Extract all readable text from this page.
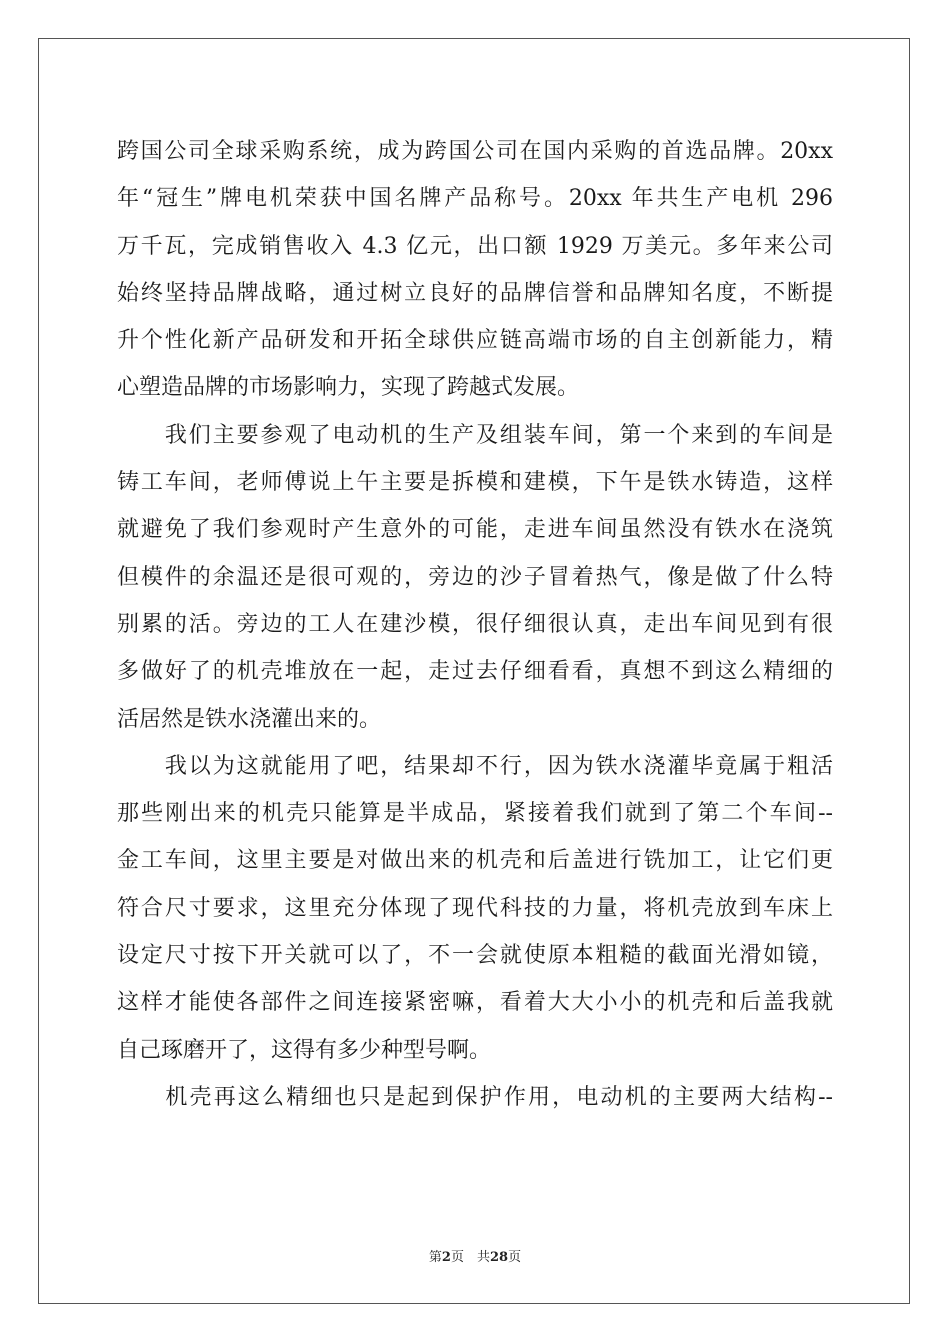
跨国公司全球采购系统，成为跨国公司在国内采购的首选品牌。20xx
年“冠生”牌电机荣获中国名牌产品称号。20xx 年共生产电机 296
万千瓦，完成销售收入 4.3 亿元，出口额 1929 万美元。多年来公司
始终坚持品牌战略，通过树立良好的品牌信誉和品牌知名度，不断提
升个性化新产品研发和开拓全球供应链高端市场的自主创新能力，精
心塑造品牌的市场影响力，实现了跨越式发展。
　　我们主要参观了电动机的生产及组装车间，第一个来到的车间是
铸工车间，老师傅说上午主要是拆模和建模，下午是铁水铸造，这样
就避免了我们参观时产生意外的可能，走进车间虽然没有铁水在浇筑
但模件的余温还是很可观的，旁边的沙子冒着热气，像是做了什么特
别累的活。旁边的工人在建沙模，很仔细很认真，走出车间见到有很
多做好了的机壳堆放在一起，走过去仔细看看，真想不到这么精细的
活居然是铁水浇灌出来的。
　　我以为这就能用了吧，结果却不行，因为铁水浇灌毕竟属于粗活
那些刚出来的机壳只能算是半成品，紧接着我们就到了第二个车间--
金工车间，这里主要是对做出来的机壳和后盖进行铣加工，让它们更
符合尺寸要求，这里充分体现了现代科技的力量，将机壳放到车床上
设定尺寸按下开关就可以了，不一会就使原本粗糙的截面光滑如镜，
这样才能使各部件之间连接紧密嘛，看着大大小小的机壳和后盖我就
自己琢磨开了，这得有多少种型号啊。
　　机壳再这么精细也只是起到保护作用，电动机的主要两大结构--
第2页　共28页
